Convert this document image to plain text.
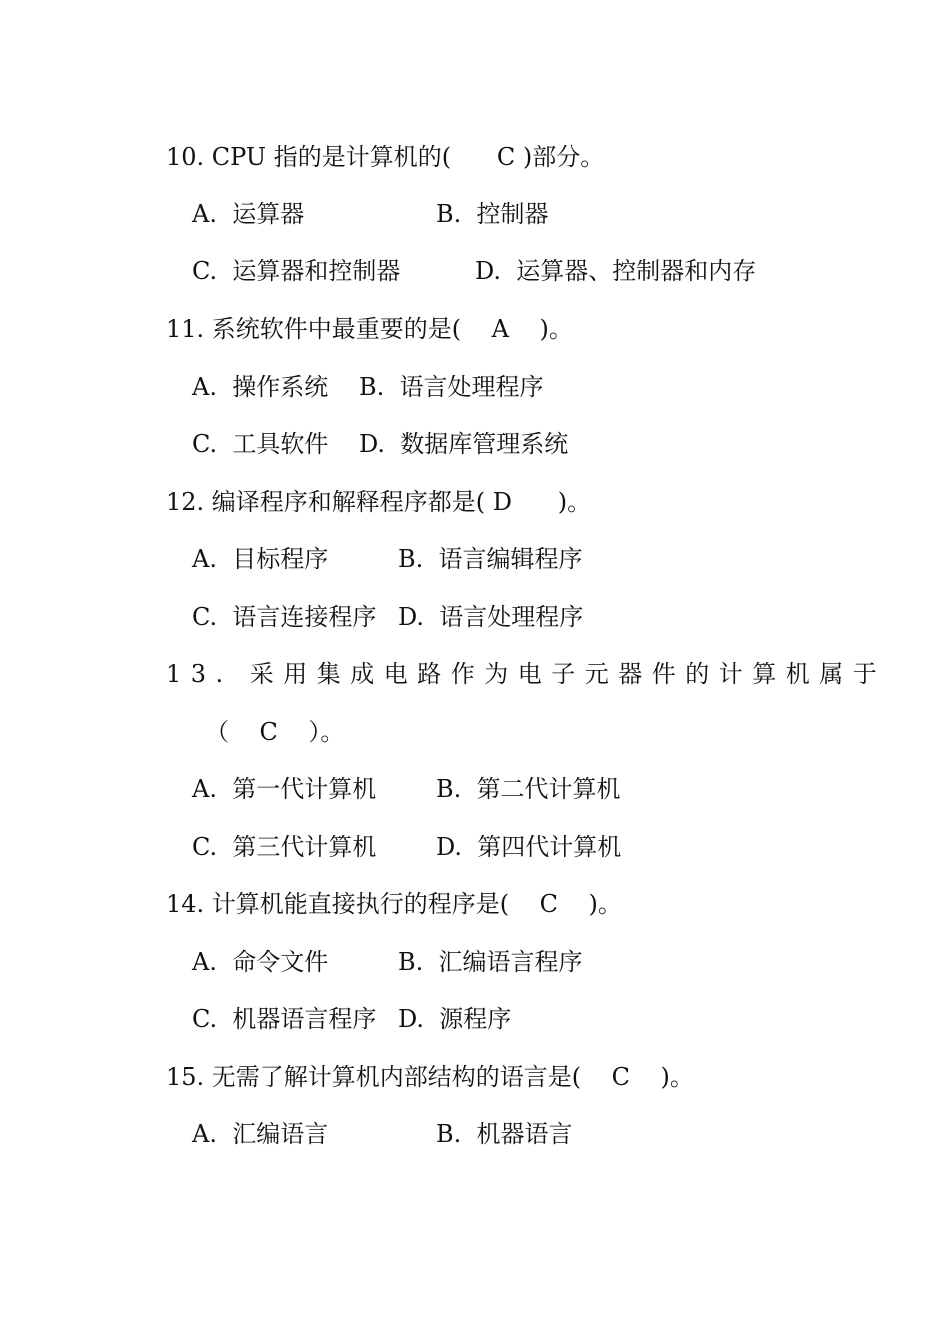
10. CPU 指的是计算机的(      C )部分。
A.  运算器	B.  控制器
C.  运算器和控制器	D.  运算器、控制器和内存
11. 系统软件中最重要的是(    A    )。
A.  操作系统 B.  语言处理程序
C.  工具软件 D.  数据库管理系统
12. 编译程序和解释程序都是( D      )。
A.  目标程序	B.  语言编辑程序
C.  语言连接程序 D.  语言处理程序
13. 采用集成电路作为电子元器件的计算机属于
（    C    ）。
A.  第一代计算机 B.  第二代计算机
C.  第三代计算机 D.  第四代计算机
14. 计算机能直接执行的程序是(    C    )。
A.  命令文件	B.  汇编语言程序
C.  机器语言程序 D.  源程序
15. 无需了解计算机内部结构的语言是(    C    )。
A.  汇编语言	B.  机器语言
